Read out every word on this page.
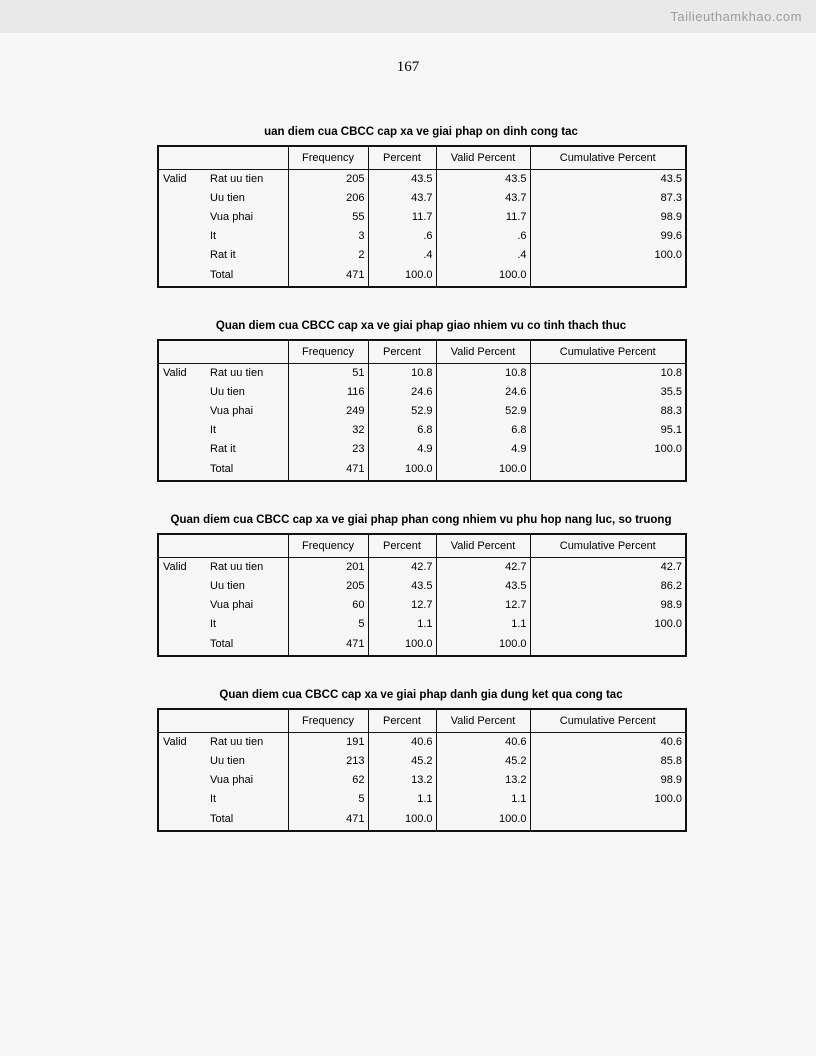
Tailieuthamkhao.com
167
uan diem cua CBCC cap xa ve giai phap on dinh cong tac
		Frequency	Percent	Valid Percent	Cumulative Percent
Valid	Rat uu tien	205	43.5	43.5	43.5
	Uu tien	206	43.7	43.7	87.3
	Vua phai	55	11.7	11.7	98.9
	It	3	.6	.6	99.6
	Rat it	2	.4	.4	100.0
	Total	471	100.0	100.0	
Quan diem cua CBCC cap xa ve giai phap giao nhiem vu co tinh thach thuc
		Frequency	Percent	Valid Percent	Cumulative Percent
Valid	Rat uu tien	51	10.8	10.8	10.8
	Uu tien	116	24.6	24.6	35.5
	Vua phai	249	52.9	52.9	88.3
	It	32	6.8	6.8	95.1
	Rat it	23	4.9	4.9	100.0
	Total	471	100.0	100.0	
Quan diem cua CBCC cap xa ve giai phap phan cong nhiem vu phu hop nang luc, so truong
		Frequency	Percent	Valid Percent	Cumulative Percent
Valid	Rat uu tien	201	42.7	42.7	42.7
	Uu tien	205	43.5	43.5	86.2
	Vua phai	60	12.7	12.7	98.9
	It	5	1.1	1.1	100.0
	Total	471	100.0	100.0	
Quan diem cua CBCC cap xa ve giai phap danh gia dung ket qua cong tac
		Frequency	Percent	Valid Percent	Cumulative Percent
Valid	Rat uu tien	191	40.6	40.6	40.6
	Uu tien	213	45.2	45.2	85.8
	Vua phai	62	13.2	13.2	98.9
	It	5	1.1	1.1	100.0
	Total	471	100.0	100.0	
